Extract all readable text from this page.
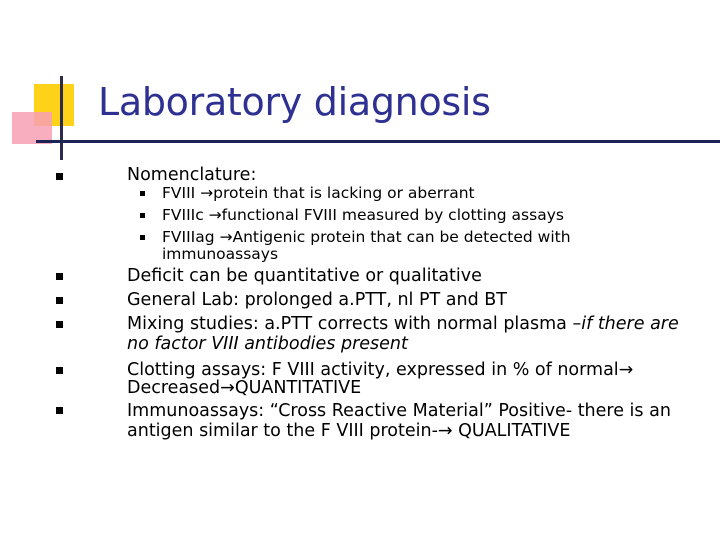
Laboratory diagnosis
Nomenclature:
FVIII →protein that is lacking or aberrant
FVIIIc →functional FVIII measured by clotting assays
FVIIIag →Antigenic protein that can be detected with
immunoassays
Deficit can be quantitative or qualitative
General Lab: prolonged a.PTT, nl PT and BT
Mixing studies: a.PTT corrects with normal plasma –if there are
no factor VIII antibodies present
Clotting assays: F VIII activity, expressed in % of normal→
Decreased→QUANTITATIVE
Immunoassays: “Cross Reactive Material” Positive- there is an
antigen similar to the F VIII protein-→ QUALITATIVE
